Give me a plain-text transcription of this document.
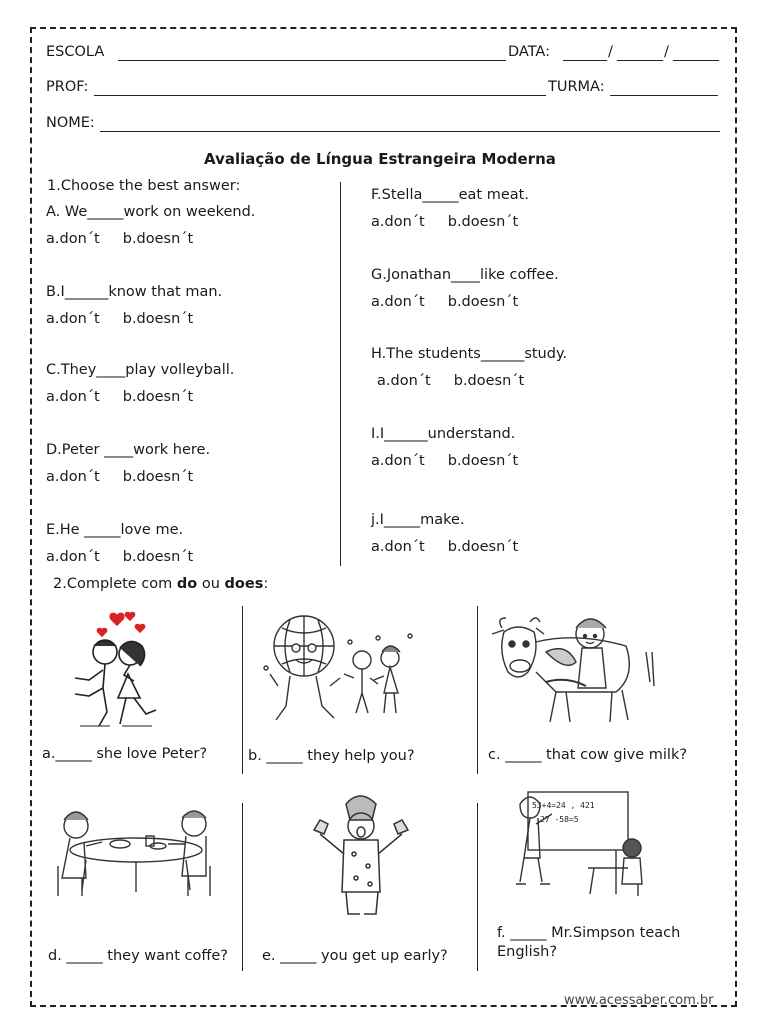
ESCOLA	DATA:	/	/
PROF:	TURMA:
NOME:
Avaliação de Língua Estrangeira Moderna
1.Choose the best answer:
A. We_____work on weekend.
a.don´t     b.doesn´t
B.I______know that man.
a.don´t     b.doesn´t
C.They____play volleyball.
a.don´t     b.doesn´t
D.Peter ____work here.
a.don´t     b.doesn´t
E.He _____love me.
a.don´t     b.doesn´t
F.Stella_____eat meat.
a.don´t     b.doesn´t
G.Jonathan____like coffee.
a.don´t     b.doesn´t
H.The students______study.
a.don´t     b.doesn´t
I.I______understand.
a.don´t     b.doesn´t
j.I_____make.
a.don´t     b.doesn´t
2.Complete com do ou does:
a._____ she love Peter?	b. _____ they help you?	c. _____ that cow give milk?
d. _____ they want coffe? e. _____ you get up early?
53+4=24 , 421
27 -58=5
f. _____ Mr.Simpson teach
English?
www.acessaber.com.br
